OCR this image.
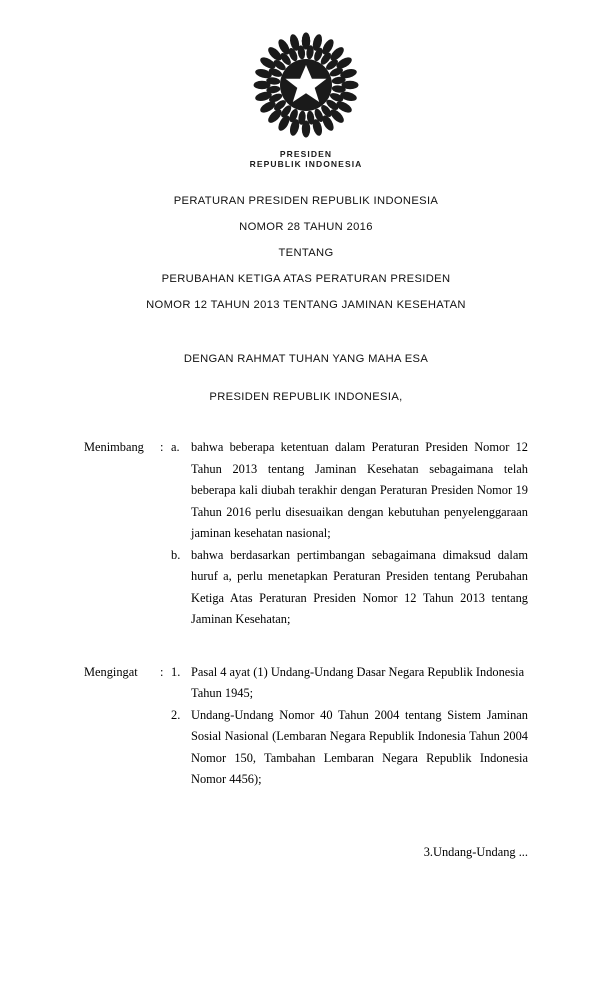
PRESIDEN
REPUBLIK INDONESIA
PERATURAN PRESIDEN REPUBLIK INDONESIA
NOMOR 28 TAHUN 2016
TENTANG
PERUBAHAN KETIGA ATAS PERATURAN PRESIDEN
NOMOR 12 TAHUN 2013 TENTANG JAMINAN KESEHATAN
DENGAN RAHMAT TUHAN YANG MAHA ESA
PRESIDEN REPUBLIK INDONESIA,
Menimbang	: a. bahwa beberapa ketentuan dalam Peraturan Presiden Nomor 12 Tahun 2013 tentang Jaminan Kesehatan sebagaimana telah beberapa kali diubah terakhir dengan Peraturan Presiden Nomor 19 Tahun 2016 perlu disesuaikan dengan kebutuhan penyelenggaraan jaminan kesehatan nasional;
b. bahwa berdasarkan pertimbangan sebagaimana dimaksud dalam huruf a, perlu menetapkan Peraturan Presiden tentang Perubahan Ketiga Atas Peraturan Presiden Nomor 12 Tahun 2013 tentang Jaminan Kesehatan;
Mengingat	: 1. Pasal 4 ayat (1) Undang-Undang Dasar Negara Republik Indonesia Tahun 1945;
2. Undang-Undang Nomor 40 Tahun 2004 tentang Sistem Jaminan Sosial Nasional (Lembaran Negara Republik Indonesia Tahun 2004 Nomor 150, Tambahan Lembaran Negara Republik Indonesia Nomor 4456);
3.Undang-Undang ...
